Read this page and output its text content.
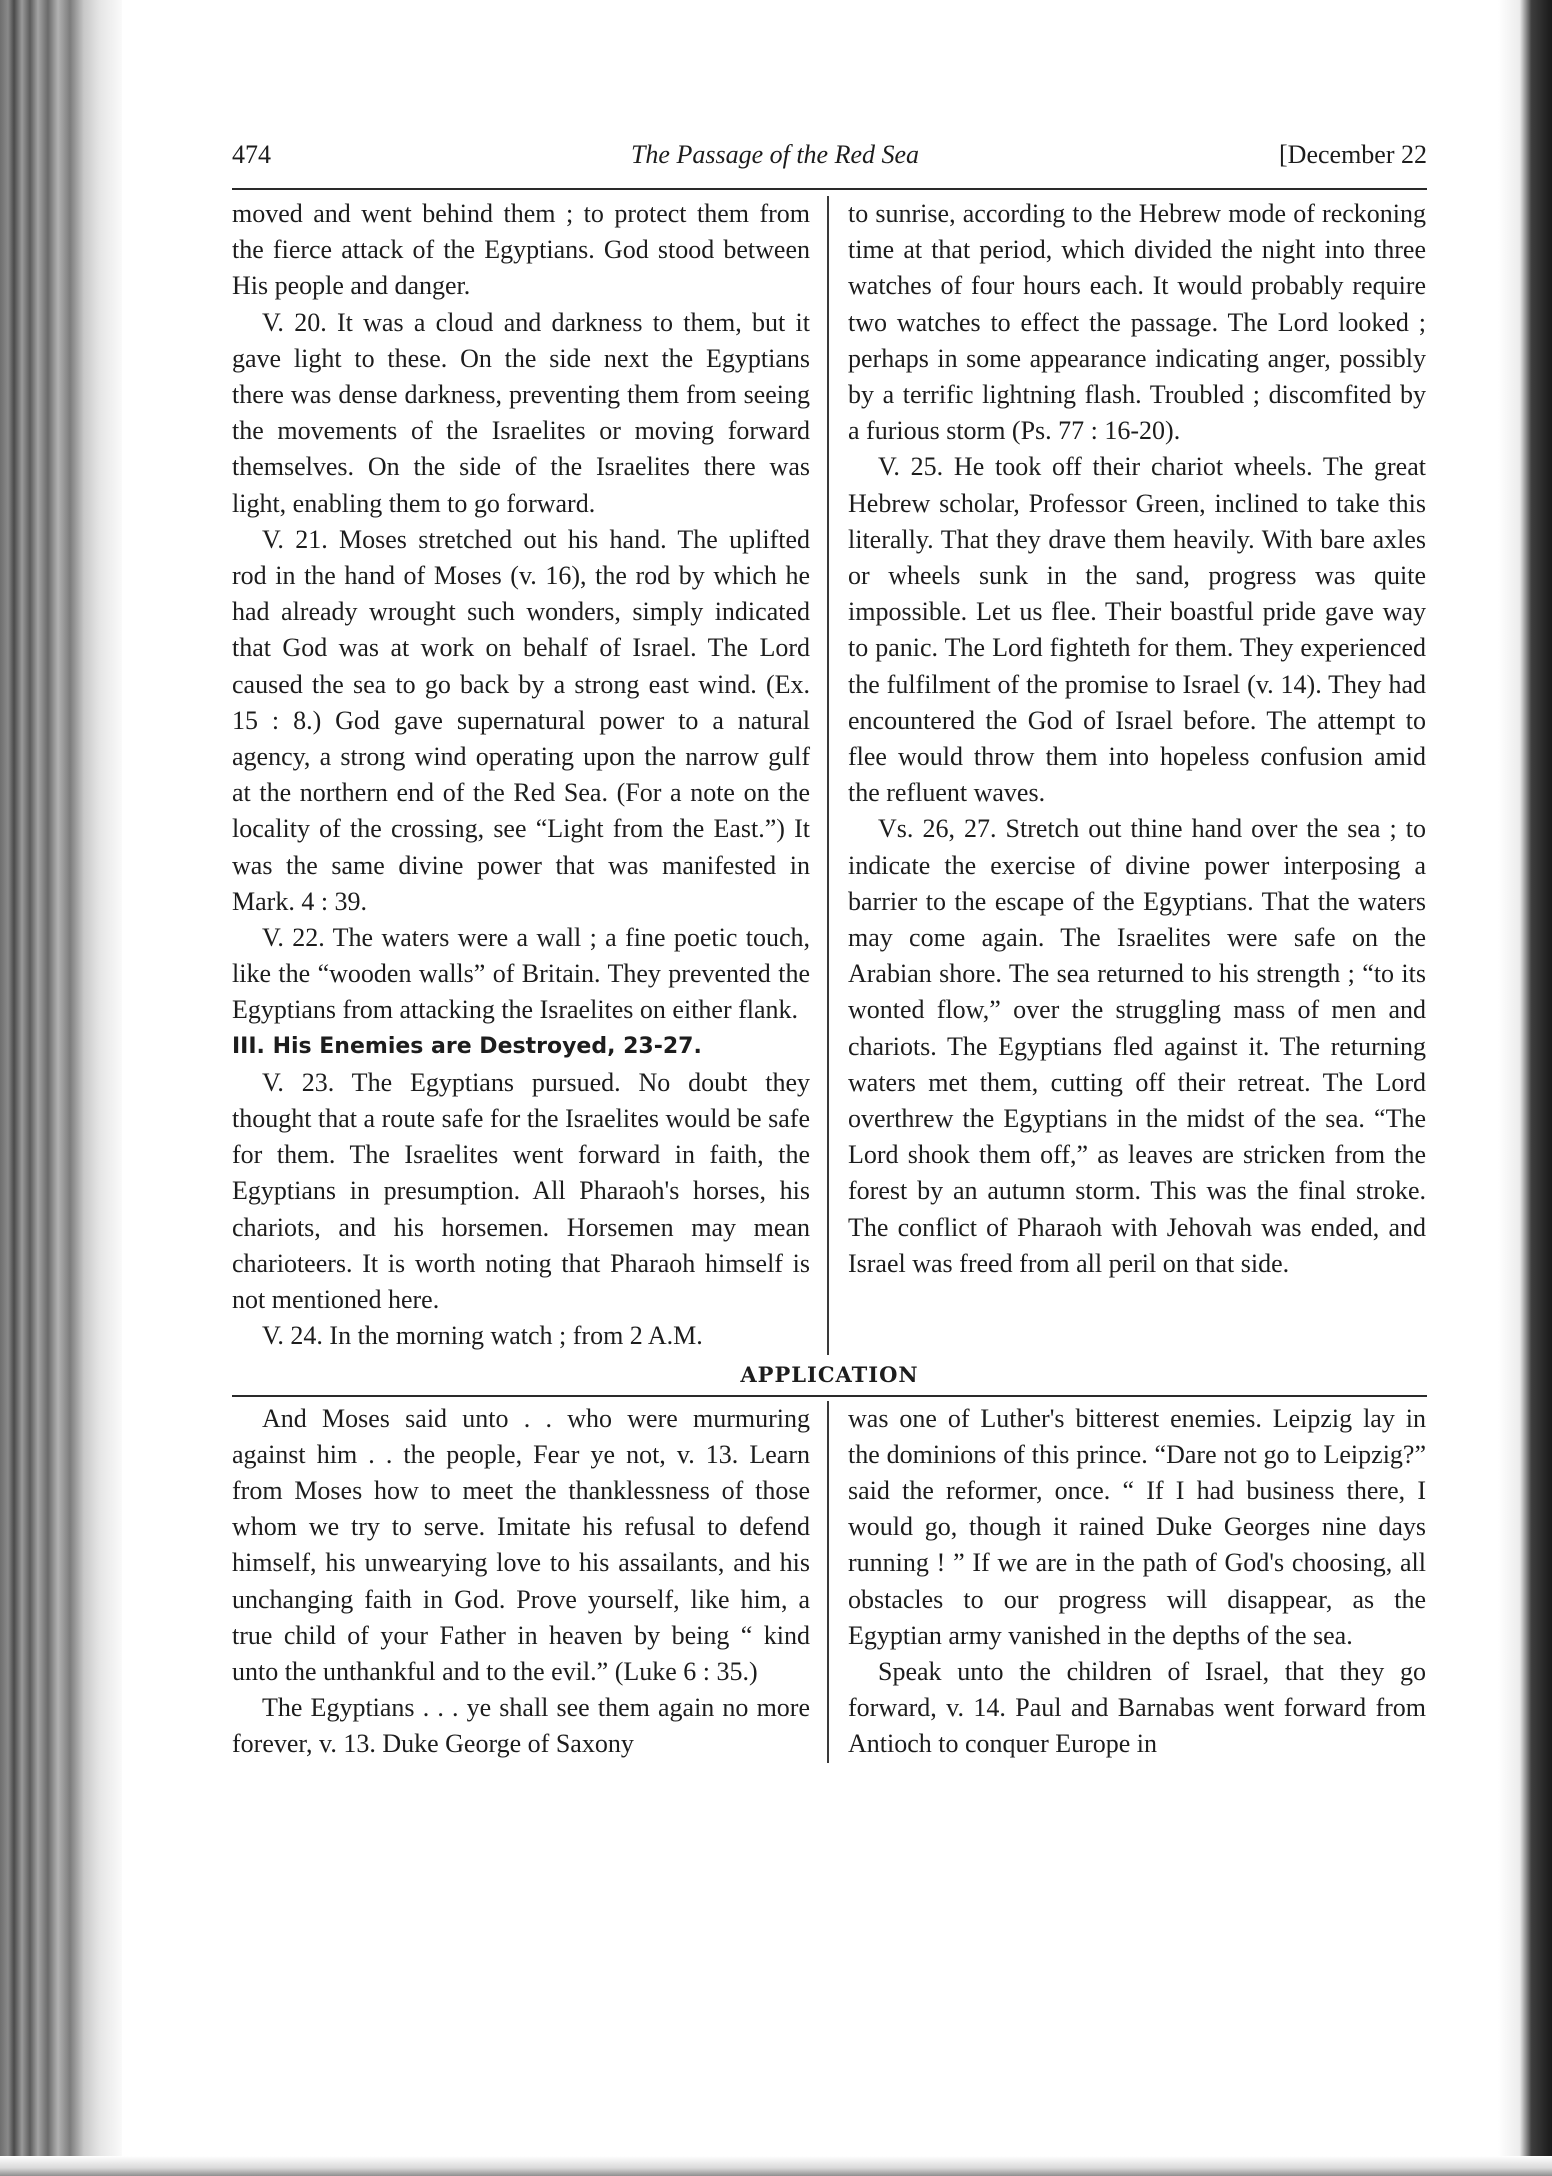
474	The Passage of the Red Sea	[December 22

moved and went behind them ; to protect them from the fierce attack of the Egyptians. God stood between His people and danger.

V. 20. It was a cloud and darkness to them, but it gave light to these. On the side next the Egyptians there was dense darkness, preventing them from seeing the movements of the Israelites or moving forward themselves. On the side of the Israelites there was light, enabling them to go forward.

V. 21. Moses stretched out his hand. The uplifted rod in the hand of Moses (v. 16), the rod by which he had already wrought such wonders, simply indicated that God was at work on behalf of Israel. The Lord caused the sea to go back by a strong east wind. (Ex. 15 : 8.) God gave supernatural power to a natural agency, a strong wind operating upon the narrow gulf at the northern end of the Red Sea. (For a note on the locality of the crossing, see “Light from the East.”) It was the same divine power that was manifested in Mark. 4 : 39.

V. 22. The waters were a wall ; a fine poetic touch, like the “wooden walls” of Britain. They prevented the Egyptians from attacking the Israelites on either flank.

III. His Enemies are Destroyed, 23-27.

V. 23. The Egyptians pursued. No doubt they thought that a route safe for the Israelites would be safe for them. The Israelites went forward in faith, the Egyptians in presumption. All Pharaoh's horses, his chariots, and his horsemen. Horsemen may mean charioteers. It is worth noting that Pharaoh himself is not mentioned here.

V. 24. In the morning watch ; from 2 A.M.

to sunrise, according to the Hebrew mode of reckoning time at that period, which divided the night into three watches of four hours each. It would probably require two watches to effect the passage. The Lord looked ; perhaps in some appearance indicating anger, possibly by a terrific lightning flash. Troubled ; discomfited by a furious storm (Ps. 77 : 16-20).

V. 25. He took off their chariot wheels. The great Hebrew scholar, Professor Green, inclined to take this literally. That they drave them heavily. With bare axles or wheels sunk in the sand, progress was quite impossible. Let us flee. Their boastful pride gave way to panic. The Lord fighteth for them. They experienced the fulfilment of the promise to Israel (v. 14). They had encountered the God of Israel before. The attempt to flee would throw them into hopeless confusion amid the refluent waves.

Vs. 26, 27. Stretch out thine hand over the sea ; to indicate the exercise of divine power interposing a barrier to the escape of the Egyptians. That the waters may come again. The Israelites were safe on the Arabian shore. The sea returned to his strength ; “to its wonted flow,” over the struggling mass of men and chariots. The Egyptians fled against it. The returning waters met them, cutting off their retreat. The Lord overthrew the Egyptians in the midst of the sea. “The Lord shook them off,” as leaves are stricken from the forest by an autumn storm. This was the final stroke. The conflict of Pharaoh with Jehovah was ended, and Israel was freed from all peril on that side.

APPLICATION

And Moses said unto . . who were murmuring against him . . the people, Fear ye not, v. 13. Learn from Moses how to meet the thanklessness of those whom we try to serve. Imitate his refusal to defend himself, his unwearying love to his assailants, and his unchanging faith in God. Prove yourself, like him, a true child of your Father in heaven by being “ kind unto the unthankful and to the evil.” (Luke 6 : 35.)

The Egyptians . . . ye shall see them again no more forever, v. 13. Duke George of Saxony

was one of Luther's bitterest enemies. Leipzig lay in the dominions of this prince. “Dare not go to Leipzig?” said the reformer, once. “ If I had business there, I would go, though it rained Duke Georges nine days running ! ” If we are in the path of God's choosing, all obstacles to our progress will disappear, as the Egyptian army vanished in the depths of the sea.

Speak unto the children of Israel, that they go forward, v. 14. Paul and Barnabas went forward from Antioch to conquer Europe in
